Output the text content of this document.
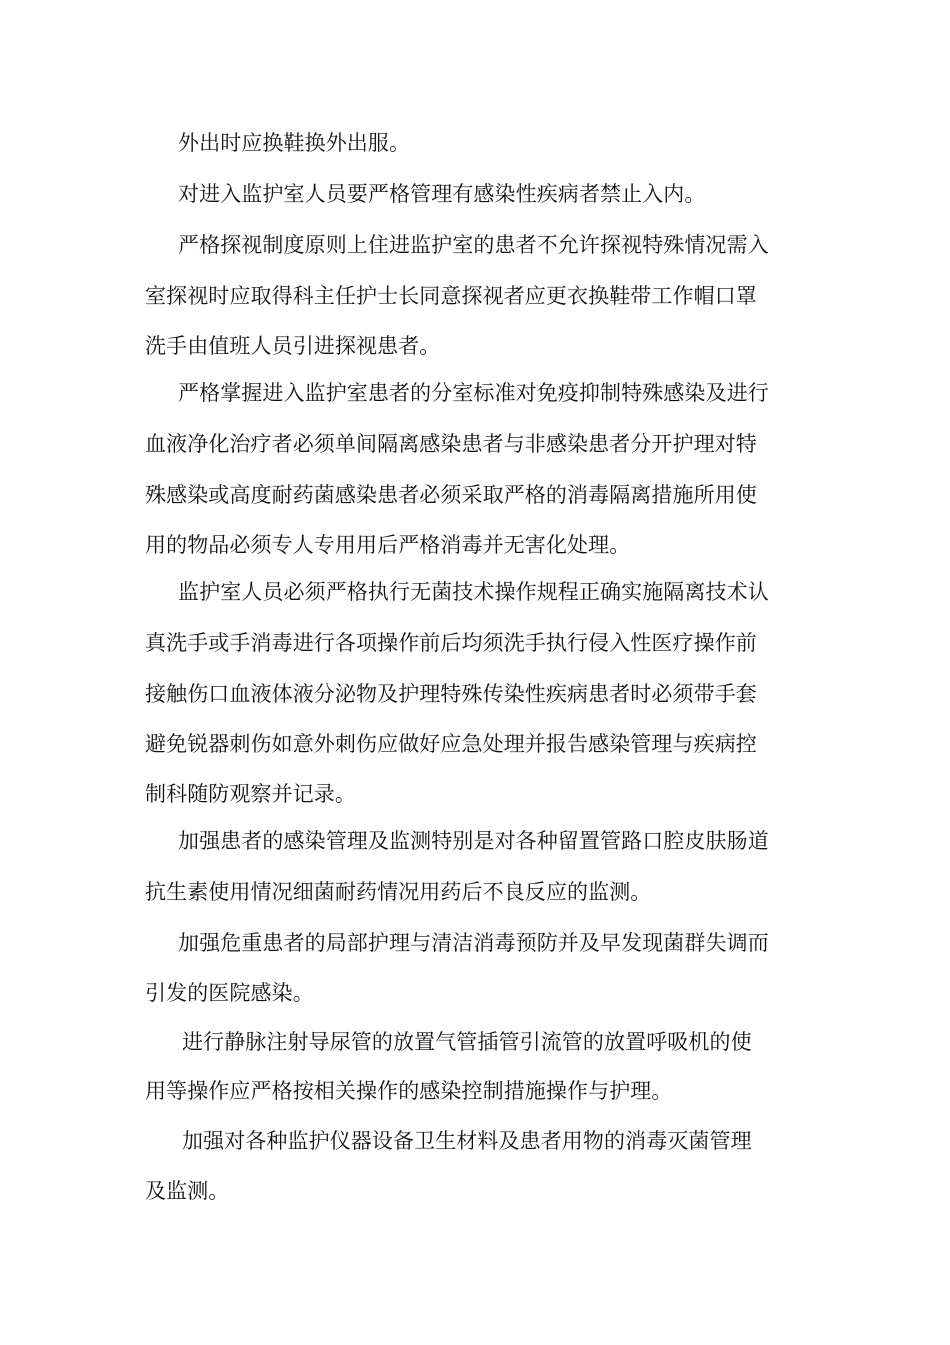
外出时应换鞋换外出服。

对进入监护室人员要严格管理有感染性疾病者禁止入内。

严格探视制度原则上住进监护室的患者不允许探视特殊情况需入

室探视时应取得科主任护士长同意探视者应更衣换鞋带工作帽口罩

洗手由值班人员引进探视患者。

严格掌握进入监护室患者的分室标准对免疫抑制特殊感染及进行

血液净化治疗者必须单间隔离感染患者与非感染患者分开护理对特

殊感染或高度耐药菌感染患者必须采取严格的消毒隔离措施所用使

用的物品必须专人专用用后严格消毒并无害化处理。

监护室人员必须严格执行无菌技术操作规程正确实施隔离技术认

真洗手或手消毒进行各项操作前后均须洗手执行侵入性医疗操作前

接触伤口血液体液分泌物及护理特殊传染性疾病患者时必须带手套

避免锐器刺伤如意外刺伤应做好应急处理并报告感染管理与疾病控

制科随防观察并记录。

加强患者的感染管理及监测特别是对各种留置管路口腔皮肤肠道

抗生素使用情况细菌耐药情况用药后不良反应的监测。

加强危重患者的局部护理与清洁消毒预防并及早发现菌群失调而

引发的医院感染。

进行静脉注射导尿管的放置气管插管引流管的放置呼吸机的使

用等操作应严格按相关操作的感染控制措施操作与护理。

加强对各种监护仪器设备卫生材料及患者用物的消毒灭菌管理

及监测。
